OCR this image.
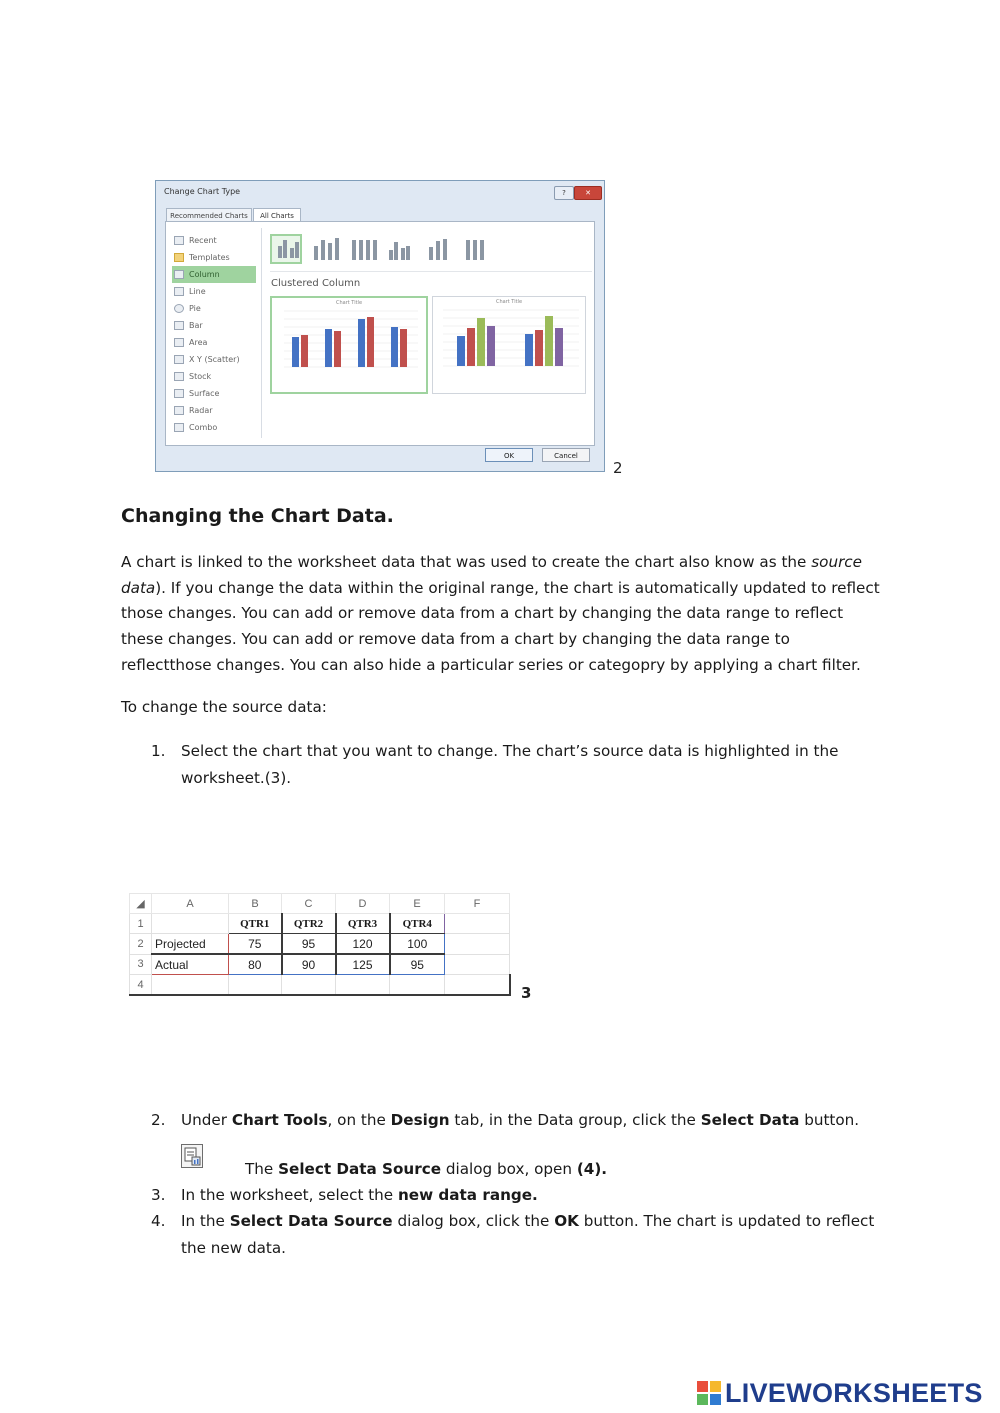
Change Chart Type	?	✕
Recommended Charts	All Charts
Recent
Templates
Column
Line
Pie
Bar
Area
X Y (Scatter)
Stock
Surface
Radar
Combo
Clustered Column
Chart Title	Chart Title
OK	Cancel
2
Changing the Chart Data.

A chart is linked to the worksheet data that was used to create the chart also know as the source data). If you change the data within the original range, the chart is automatically updated to reflect those changes. You can add or remove data from a chart by changing the data range to reflect these changes. You can add or remove data from a chart by changing the data range to reflectthose changes. You can also hide a particular series or categopry by applying a chart filter.

To change the source data:

1. Select the chart that you want to change. The chart’s source data is highlighted in the worksheet.(3).
◢	A	B	C	D	E	F
1		QTR1	QTR2	QTR3	QTR4	
2	Projected	75	95	120	100	
3	Actual	80	90	125	95	
4							3
2. Under Chart Tools, on the Design tab, in the Data group, click the Select Data button.
The Select Data Source dialog box, open (4).
3. In the worksheet, select the new data range.
4. In the Select Data Source dialog box, click the OK button. The chart is updated to reflect the new data.
LIVEWORKSHEETS
